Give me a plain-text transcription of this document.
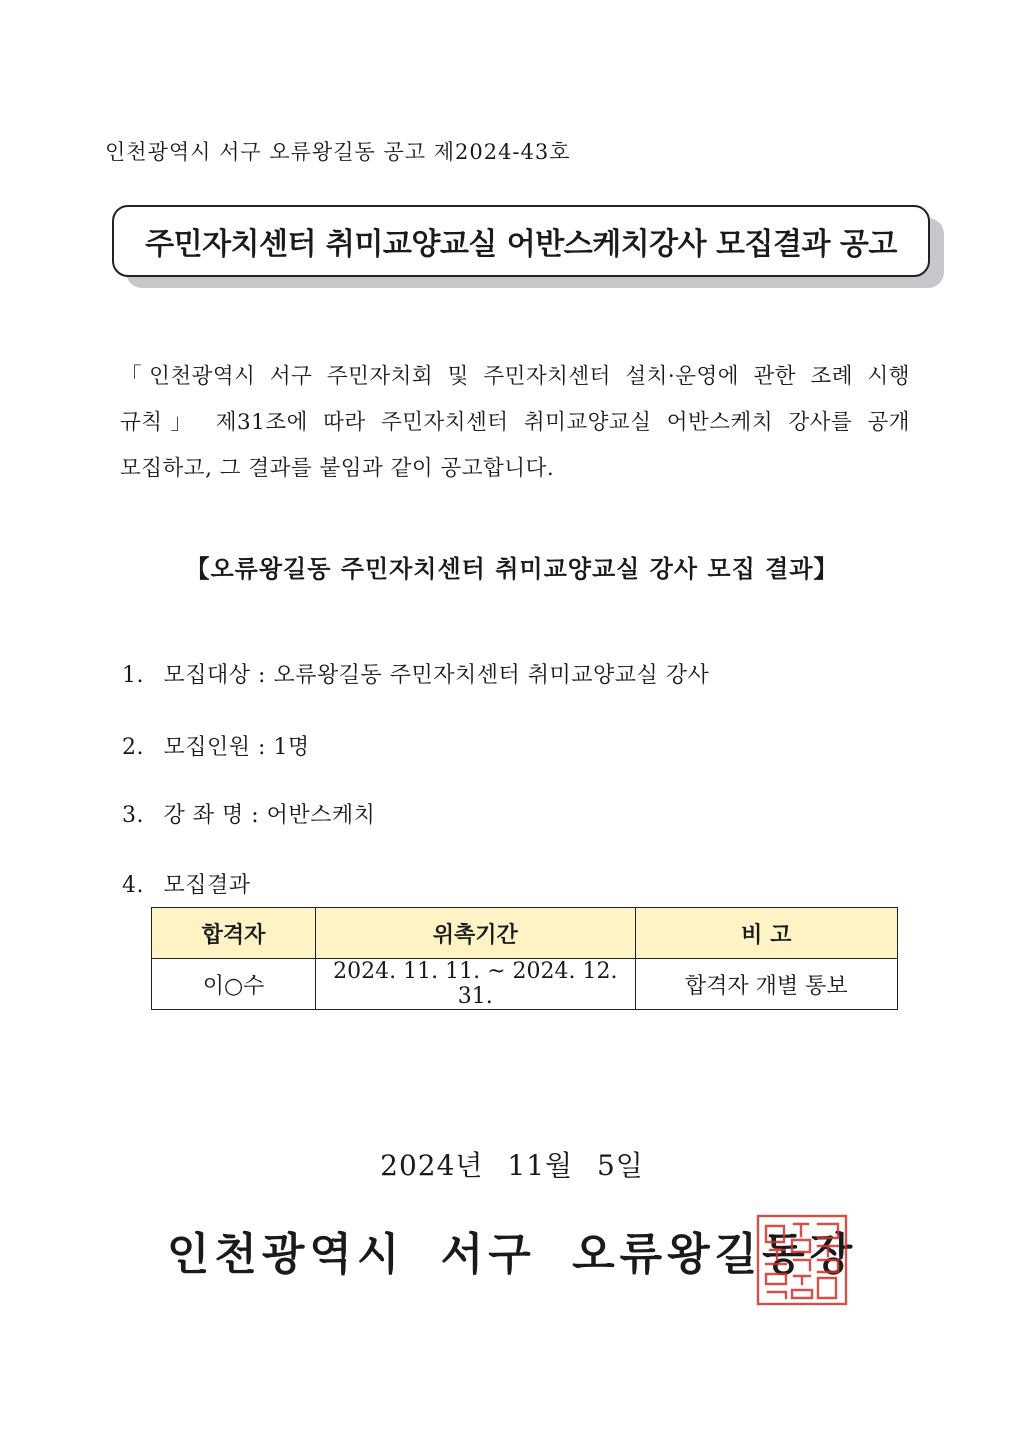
인천광역시 서구 오류왕길동 공고 제2024-43호
주민자치센터 취미교양교실 어반스케치강사 모집결과 공고
「인천광역시 서구 주민자치회 및 주민자치센터 설치·운영에 관한 조례 시행
규칙」 제31조에 따라 주민자치센터 취미교양교실 어반스케치 강사를 공개
모집하고, 그 결과를 붙임과 같이 공고합니다.
【오류왕길동 주민자치센터 취미교양교실 강사 모집 결과】
1. 모집대상 : 오류왕길동 주민자치센터 취미교양교실 강사
2. 모집인원 : 1명
3. 강 좌 명 : 어반스케치
4. 모집결과
합격자	위촉기간	비 고
이○수	2024. 11. 11. ~ 2024. 12. 31.	합격자 개별 통보
2024년 11월 5일
인천광역시 서구 오류왕길동장
